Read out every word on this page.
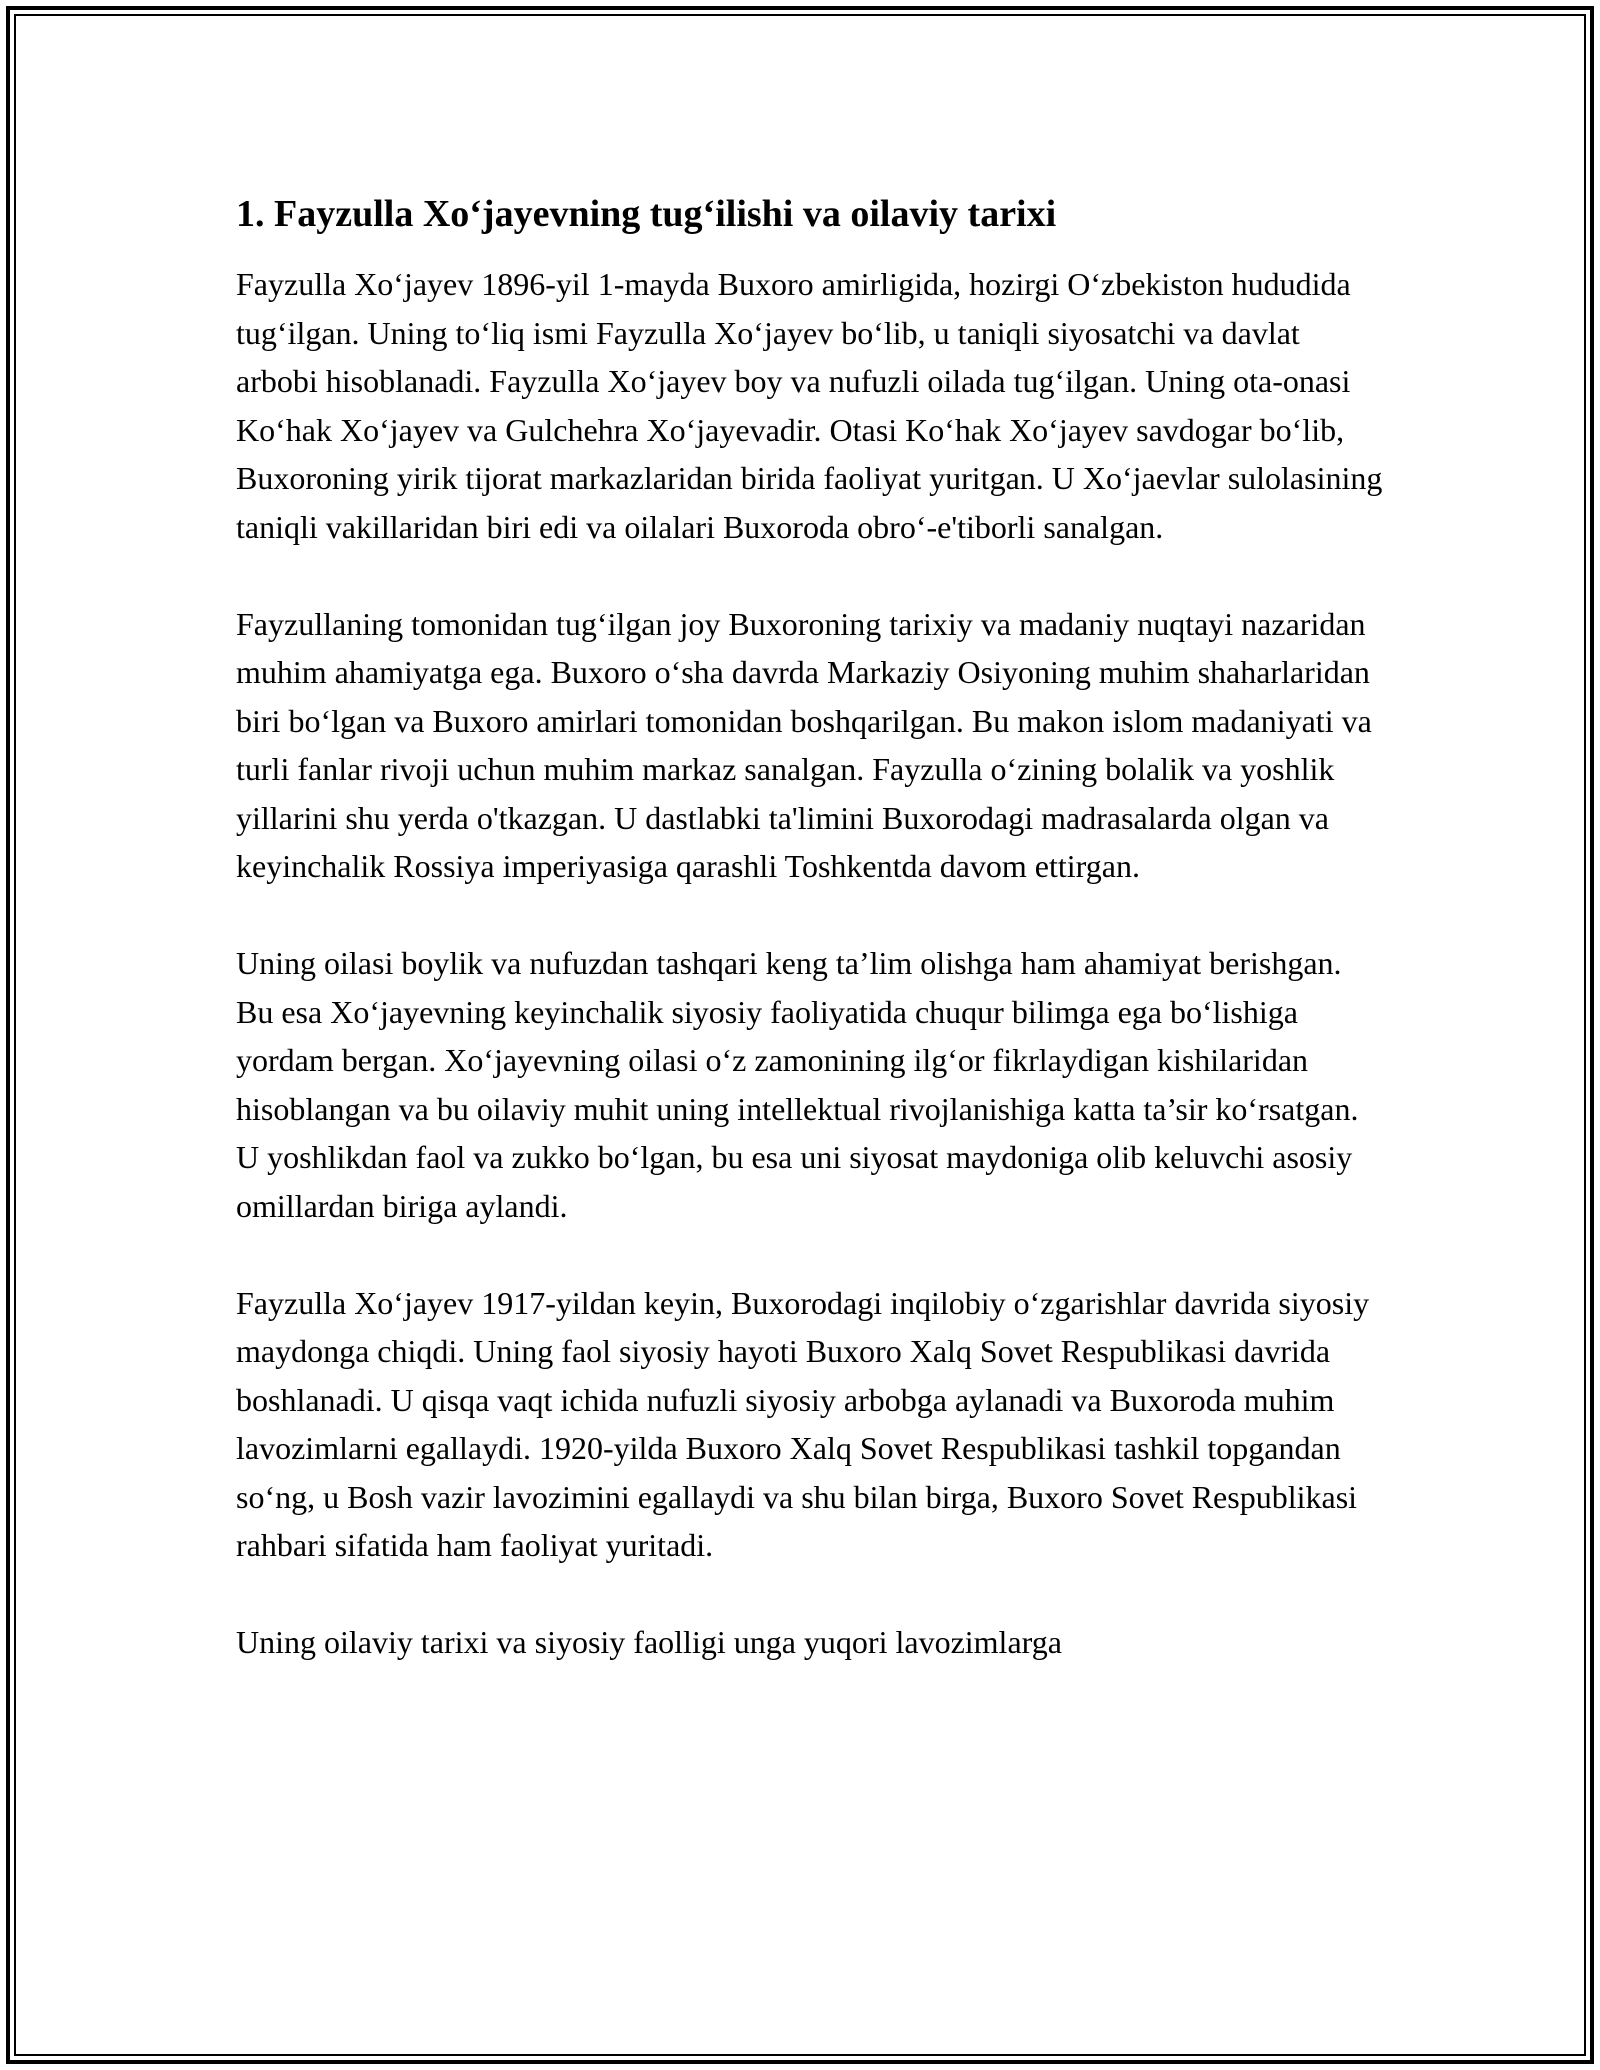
1. Fayzulla Xo‘jayevning tug‘ilishi va oilaviy tarixi

Fayzulla Xo‘jayev 1896-yil 1-mayda Buxoro amirligida, hozirgi O‘zbekiston hududida tug‘ilgan. Uning to‘liq ismi Fayzulla Xo‘jayev bo‘lib, u taniqli siyosatchi va davlat arbobi hisoblanadi. Fayzulla Xo‘jayev boy va nufuzli oilada tug‘ilgan. Uning ota-onasi Ko‘hak Xo‘jayev va Gulchehra Xo‘jayevadir. Otasi Ko‘hak Xo‘jayev savdogar bo‘lib, Buxoroning yirik tijorat markazlaridan birida faoliyat yuritgan. U Xo‘jaevlar sulolasining taniqli vakillaridan biri edi va oilalari Buxoroda obro‘-e'tiborli sanalgan.

Fayzullaning tomonidan tug‘ilgan joy Buxoroning tarixiy va madaniy nuqtayi nazaridan muhim ahamiyatga ega. Buxoro o‘sha davrda Markaziy Osiyoning muhim shaharlaridan biri bo‘lgan va Buxoro amirlari tomonidan boshqarilgan. Bu makon islom madaniyati va turli fanlar rivoji uchun muhim markaz sanalgan. Fayzulla o‘zining bolalik va yoshlik yillarini shu yerda o'tkazgan. U dastlabki ta'limini Buxorodagi madrasalarda olgan va keyinchalik Rossiya imperiyasiga qarashli Toshkentda davom ettirgan.

Uning oilasi boylik va nufuzdan tashqari keng ta’lim olishga ham ahamiyat berishgan. Bu esa Xo‘jayevning keyinchalik siyosiy faoliyatida chuqur bilimga ega bo‘lishiga yordam bergan. Xo‘jayevning oilasi o‘z zamonining ilg‘or fikrlaydigan kishilaridan hisoblangan va bu oilaviy muhit uning intellektual rivojlanishiga katta ta’sir ko‘rsatgan. U yoshlikdan faol va zukko bo‘lgan, bu esa uni siyosat maydoniga olib keluvchi asosiy omillardan biriga aylandi.

Fayzulla Xo‘jayev 1917-yildan keyin, Buxorodagi inqilobiy o‘zgarishlar davrida siyosiy maydonga chiqdi. Uning faol siyosiy hayoti Buxoro Xalq Sovet Respublikasi davrida boshlanadi. U qisqa vaqt ichida nufuzli siyosiy arbobga aylanadi va Buxoroda muhim lavozimlarni egallaydi. 1920-yilda Buxoro Xalq Sovet Respublikasi tashkil topgandan so‘ng, u Bosh vazir lavozimini egallaydi va shu bilan birga, Buxoro Sovet Respublikasi rahbari sifatida ham faoliyat yuritadi.

Uning oilaviy tarixi va siyosiy faolligi unga yuqori lavozimlarga
